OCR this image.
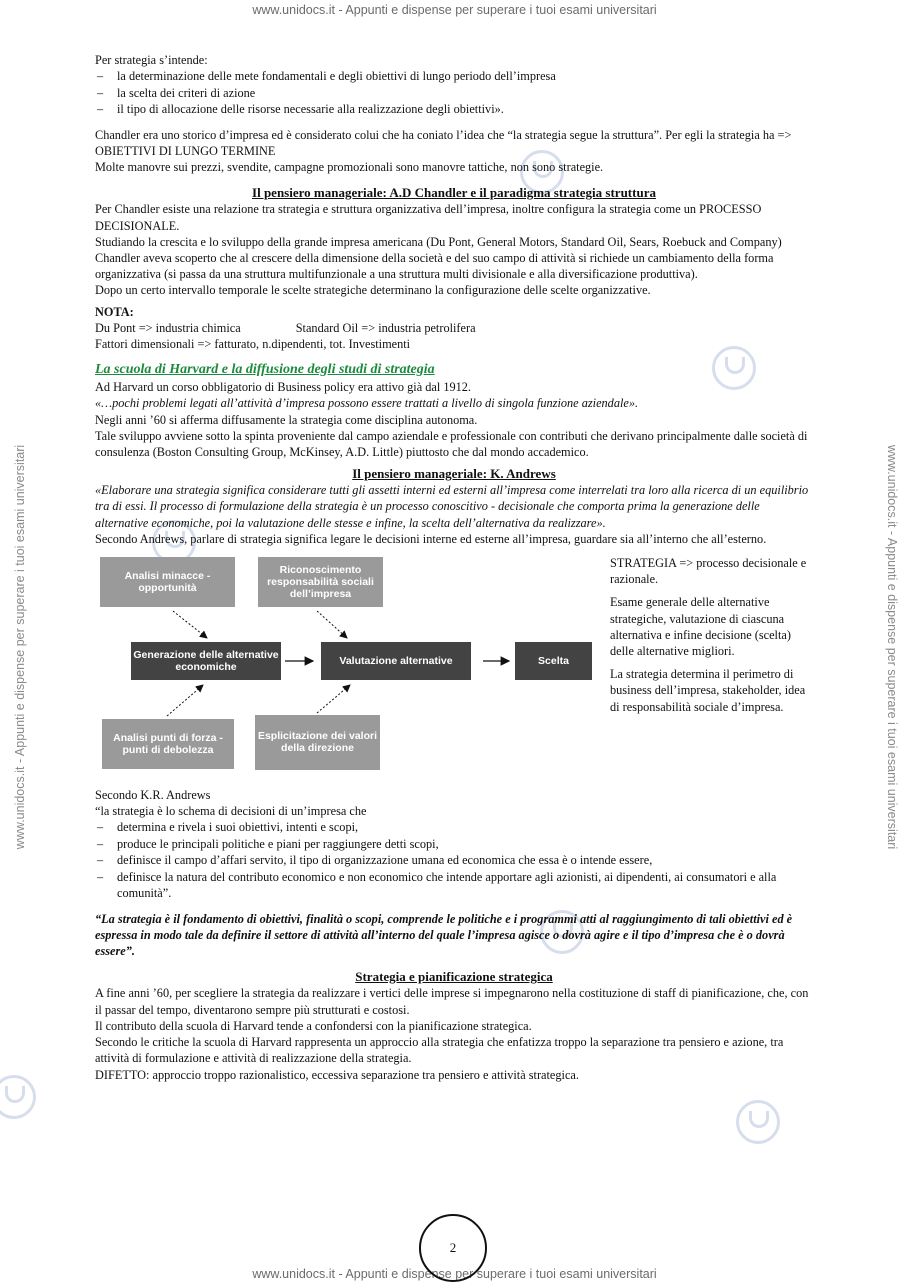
www.unidocs.it - Appunti e dispense per superare i tuoi esami universitari
www.unidocs.it - Appunti e dispense per superare i tuoi esami universitari
www.unidocs.it - Appunti e dispense per superare i tuoi esami universitari	www.unidocs.it - Appunti e dispense per superare i tuoi esami universitari

Per strategia s’intende:

– la determinazione delle mete fondamentali e degli obiettivi di lungo periodo dell’impresa
– la scelta dei criteri di azione
– il tipo di allocazione delle risorse necessarie alla realizzazione degli obiettivi».

Chandler era uno storico d’impresa ed è considerato colui che ha coniato l’idea che “la strategia segue la struttura”. Per egli la strategia ha => OBIETTIVI DI LUNGO TERMINE

Molte manovre sui prezzi, svendite, campagne promozionali sono manovre tattiche, non sono strategie.

Il pensiero manageriale: A.D Chandler e il paradigma strategia struttura

Per Chandler esiste una relazione tra strategia e struttura organizzativa dell’impresa, inoltre configura la strategia come un PROCESSO DECISIONALE.

Studiando la crescita e lo sviluppo della grande impresa americana (Du Pont, General Motors, Standard Oil, Sears, Roebuck and Company) Chandler aveva scoperto che al crescere della dimensione della società e del suo campo di attività si richiede un cambiamento della forma organizzativa (si passa da una struttura multifunzionale a una struttura multi divisionale e alla diversificazione produttiva).

Dopo un certo intervallo temporale le scelte strategiche determinano la configurazione delle scelte organizzative.

NOTA:

Du Pont => industria chimica	Standard Oil => industria petrolifera

Fattori dimensionali => fatturato, n.dipendenti, tot. Investimenti

La scuola di Harvard e la diffusione degli studi di strategia

Ad Harvard un corso obbligatorio di Business policy era attivo già dal 1912.

«…pochi problemi legati all’attività d’impresa possono essere trattati a livello di singola funzione aziendale».

Negli anni ’60 si afferma diffusamente la strategia come disciplina autonoma.

Tale sviluppo avviene sotto la spinta proveniente dal campo aziendale e professionale con contributi che derivano principalmente dalle società di consulenza (Boston Consulting Group, McKinsey, A.D. Little) piuttosto che dal mondo accademico.

Il pensiero manageriale: K. Andrews

«Elaborare una strategia significa considerare tutti gli assetti interni ed esterni all’impresa come interrelati tra loro alla ricerca di un equilibrio tra di essi. Il processo di formulazione della strategia è un processo conoscitivo - decisionale che comporta prima la generazione delle alternative economiche, poi la valutazione delle stesse e infine, la scelta dell’alternativa da realizzare».

Secondo Andrews, parlare di strategia significa legare le decisioni interne ed esterne all’impresa, guardare sia all’interno che all’esterno.

Analisi minacce - opportunità
Riconoscimento responsabilità sociali dell’impresa
Generazione delle alternative economiche	Valutazione alternative	Scelta
Analisi punti di forza -punti di debolezza
Esplicitazione dei valori della direzione

STRATEGIA => processo decisionale e razionale.

Esame generale delle alternative strategiche, valutazione di ciascuna alternativa e infine decisione (scelta) delle alternative migliori.

La strategia determina il perimetro di business dell’impresa, stakeholder, idea di responsabilità sociale d’impresa.

Secondo K.R. Andrews

“la strategia è lo schema di decisioni di un’impresa che

– determina e rivela i suoi obiettivi, intenti e scopi,
– produce le principali politiche e piani per raggiungere detti scopi,
– definisce il campo d’affari servito, il tipo di organizzazione umana ed economica che essa è o intende essere,
– definisce la natura del contributo economico e non economico che intende apportare agli azionisti, ai dipendenti, ai consumatori e alla comunità”.

“La strategia è il fondamento di obiettivi, finalità o scopi, comprende le politiche e i programmi atti al raggiungimento di tali obiettivi ed è espressa in modo tale da definire il settore di attività all’interno del quale l’impresa agisce o dovrà agire e il tipo d’impresa che è o dovrà essere”.

Strategia e pianificazione strategica

A fine anni ’60, per scegliere la strategia da realizzare i vertici delle imprese si impegnarono nella costituzione di staff di pianificazione, che, con il passar del tempo, diventarono sempre più strutturati e costosi.

Il contributo della scuola di Harvard tende a confondersi con la pianificazione strategica.

Secondo le critiche la scuola di Harvard rappresenta un approccio alla strategia che enfatizza troppo la separazione tra pensiero e azione, tra attività di formulazione e attività di realizzazione della strategia.

DIFETTO: approccio troppo razionalistico, eccessiva separazione tra pensiero e attività strategica.

2
